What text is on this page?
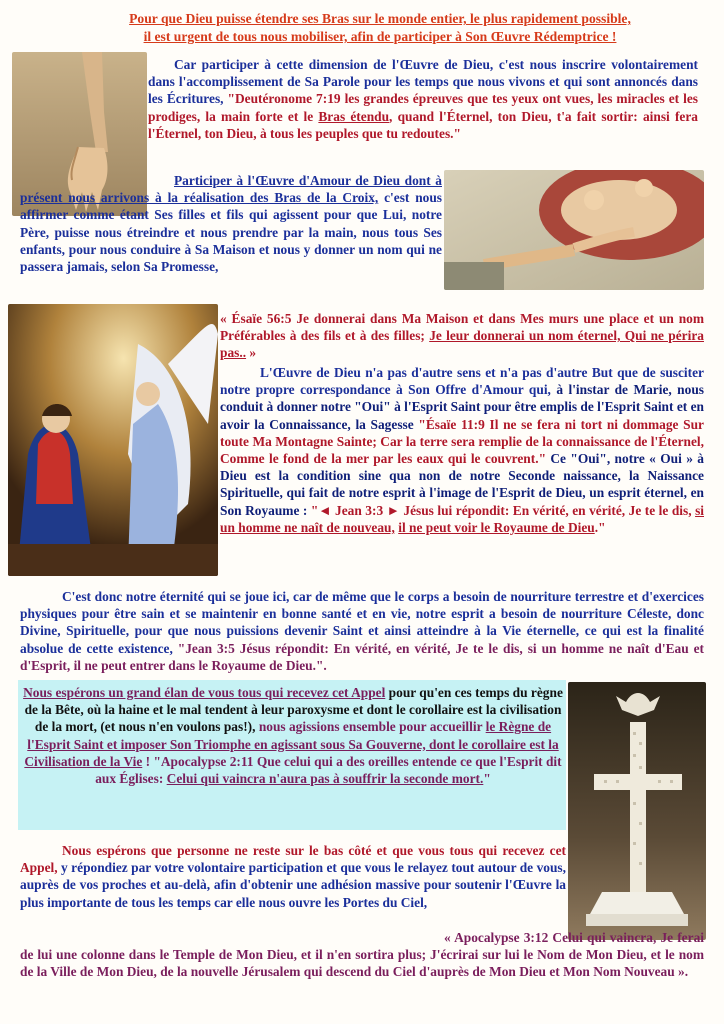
Pour que Dieu puisse étendre ses Bras sur le monde entier, le plus rapidement possible,
il est urgent de tous nous mobiliser, afin de participer à Son Œuvre Rédemptrice !

Car participer à cette dimension de l'Œuvre de Dieu, c'est nous inscrire volontairement dans l'accomplissement de Sa Parole pour les temps que nous vivons et qui sont annoncés dans les Écritures, "Deutéronome 7:19 les grandes épreuves que tes yeux ont vues, les miracles et les prodiges, la main forte et le Bras étendu, quand l'Éternel, ton Dieu, t'a fait sortir: ainsi fera l'Éternel, ton Dieu, à tous les peuples que tu redoutes."

Participer à l'Œuvre d'Amour de Dieu dont à présent nous arrivons à la réalisation des Bras de la Croix, c'est nous affirmer comme étant Ses filles et fils qui agissent pour que Lui, notre Père, puisse nous étreindre et nous prendre par la main, nous tous Ses enfants, pour nous conduire à Sa Maison et nous y donner un nom qui ne passera jamais, selon Sa Promesse,

« Ésaïe 56:5 Je donnerai dans Ma Maison et dans Mes murs une place et un nom Préférables à des fils et à des filles; Je leur donnerai un nom éternel, Qui ne périra pas.. »

L'Œuvre de Dieu n'a pas d'autre sens et n'a pas d'autre But que de susciter notre propre correspondance à Son Offre d'Amour qui, à l'instar de Marie, nous conduit à donner notre "Oui" à l'Esprit Saint pour être emplis de l'Esprit Saint et en avoir la Connaissance, la Sagesse "Ésaïe 11:9 Il ne se fera ni tort ni dommage Sur toute Ma Montagne Sainte; Car la terre sera remplie de la connaissance de l'Éternel, Comme le fond de la mer par les eaux qui le couvrent." Ce "Oui", notre « Oui » à Dieu est la condition sine qua non de notre Seconde naissance, la Naissance Spirituelle, qui fait de notre esprit à l'image de l'Esprit de Dieu, un esprit éternel, en Son Royaume : "◄ Jean 3:3 ► Jésus lui répondit: En vérité, en vérité, Je te le dis, si un homme ne naît de nouveau, il ne peut voir le Royaume de Dieu."

C'est donc notre éternité qui se joue ici, car de même que le corps a besoin de nourriture terrestre et d'exercices physiques pour être sain et se maintenir en bonne santé et en vie, notre esprit a besoin de nourriture Céleste, donc Divine, Spirituelle, pour que nous puissions devenir Saint et ainsi atteindre à la Vie éternelle, ce qui est la finalité absolue de cette existence, "Jean 3:5 Jésus répondit: En vérité, en vérité, Je te le dis, si un homme ne naît d'Eau et d'Esprit, il ne peut entrer dans le Royaume de Dieu.".

Nous espérons un grand élan de vous tous qui recevez cet Appel pour qu'en ces temps du règne de la Bête, où la haine et le mal tendent à leur paroxysme et dont le corollaire est la civilisation de la mort, (et nous n'en voulons pas!), nous agissions ensemble pour accueillir le Règne de l'Esprit Saint et imposer Son Triomphe en agissant sous Sa Gouverne, dont le corollaire est la Civilisation de la Vie ! "Apocalypse 2:11 Que celui qui a des oreilles entende ce que l'Esprit dit aux Églises: Celui qui vaincra n'aura pas à souffrir la seconde mort."

Nous espérons que personne ne reste sur le bas côté et que vous tous qui recevez cet Appel, y répondiez par votre volontaire participation et que vous le relayez tout autour de vous, auprès de vos proches et au-delà, afin d'obtenir une adhésion massive pour soutenir l'Œuvre la plus importante de tous les temps car elle nous ouvre les Portes du Ciel,

« Apocalypse 3:12 Celui qui vaincra, Je ferai de lui une colonne dans le Temple de Mon Dieu, et il n'en sortira plus; J'écrirai sur lui le Nom de Mon Dieu, et le nom de la Ville de Mon Dieu, de la nouvelle Jérusalem qui descend du Ciel d'auprès de Mon Dieu et Mon Nom Nouveau ».
